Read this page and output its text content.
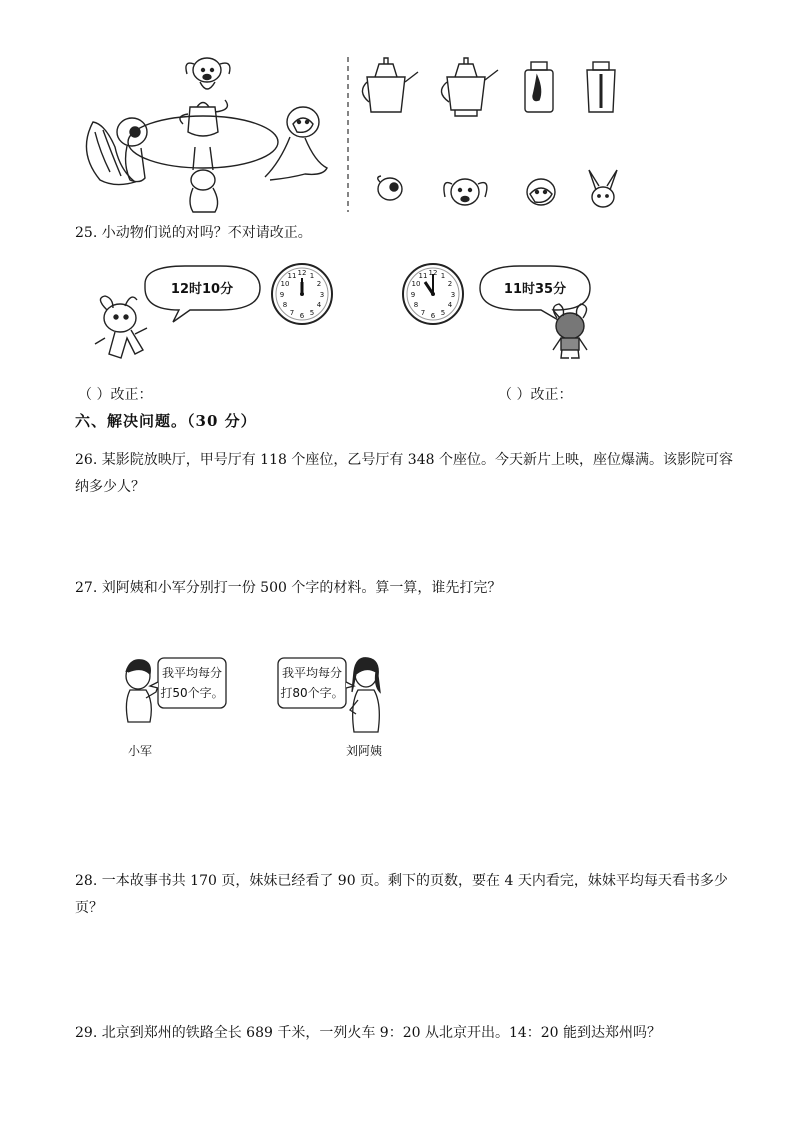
25. 小动物们说的对吗？不对请改正。
12时10分
12 1
2
3
4
5
6
7
8
9
10
11	12 1
2
3
4
5
6
7
8
9
10
11
11时35分
（ ）改正：	（ ）改正：
六、解决问题。（30 分）
26. 某影院放映厅，甲号厅有 118 个座位，乙号厅有 348 个座位。今天新片上映，座位爆满。该影院可容
纳多少人？
27. 刘阿姨和小军分别打一份 500 个字的材料。算一算，谁先打完？
我平均每分
打50个字。
小军
我平均每分
打80个字。
刘阿姨
28. 一本故事书共 170 页，妹妹已经看了 90 页。剩下的页数，要在 4 天内看完，妹妹平均每天看书多少
页？
29. 北京到郑州的铁路全长 689 千米，一列火车 9：20 从北京开出。14：20 能到达郑州吗？
